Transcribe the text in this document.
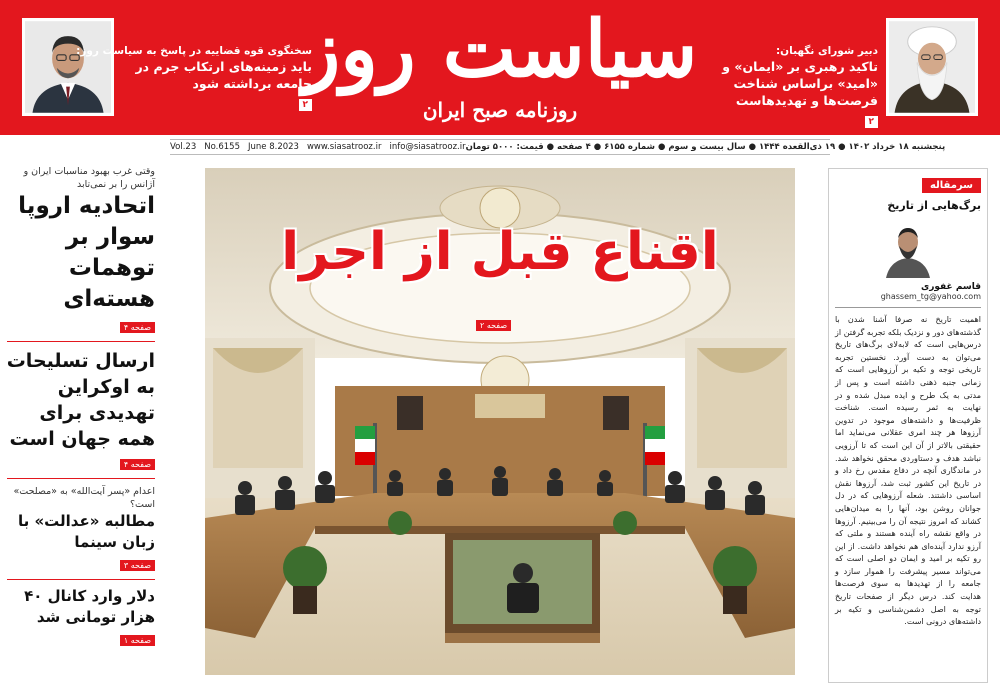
سخنگوی قوه قضاییه در پاسخ به سیاست روز:
باید زمینه‌های ارتکاب جرم در جامعه برداشته شود
۲
سیاست روز
روزنامه صبح ایران
دبیر شورای نگهبان:
تاکید رهبری بر «ایمان» و «امید» براساس شناخت فرصت‌ها و تهدیدهاست
۲
Vol.23 No.6155 June 8.2023 www.siasatrooz.ir info@siasatrooz.ir پنجشنبه ۱۸ خرداد ۱۴۰۲ ● ۱۹ ذی‌القعده ۱۴۴۴ ● سال بیست و سوم ● شماره ۶۱۵۵ ● ۴ صفحه ● قیمت: ۵۰۰۰ تومان
وقتی غرب بهبود مناسبات ایران و آژانس را بر نمی‌تابد
اتحادیه اروپا سوار بر توهمات هسته‌ای
صفحه ۴
ارسال تسلیحات به اوکراین تهدیدی برای همه جهان است
صفحه ۴
اعدام «پسر آیت‌الله» به «مصلحت» است؟
مطالبه «عدالت» با زبان سینما
صفحه ۳
دلار وارد کانال ۴۰ هزار تومانی شد
صفحه ۱
اقناع قبل از اجرا
صفحه ۲
سرمقاله
برگ‌هایی از تاریخ
قاسم غفوری
ghassem_tg@yahoo.com
اهمیت تاریخ نه صرفا آشنا شدن با گذشته‌های دور و نزدیک بلکه تجربه گرفتن از درس‌هایی است که لابه‌لای برگ‌های تاریخ می‌توان به دست آورد. نخستین تجربه تاریخی توجه و تکیه بر آرزوهایی است که زمانی جنبه ذهنی داشته است و پس از مدتی به یک طرح و ایده مبدل شده و در نهایت به ثمر رسیده است. شناخت ظرفیت‌ها و داشته‌های موجود در تدوین آرزوها هر چند امری عقلانی می‌نماید اما حقیقتی بالاتر از آن این است که تا آرزویی نباشد هدف و دستاوردی محقق نخواهد شد. در ماندگاری آنچه در دفاع مقدس رخ داد و در تاریخ این کشور ثبت شد، آرزوها نقش اساسی داشتند. شعله آرزوهایی که در دل جوانان روشن بود، آنها را به میدان‌هایی کشاند که امروز نتیجه آن را می‌بینیم. آرزوها در واقع نقشه راه آینده هستند و ملتی که آرزو ندارد آینده‌ای هم نخواهد داشت. از این رو تکیه بر امید و ایمان دو اصلی است که می‌تواند مسیر پیشرفت را هموار سازد و جامعه را از تهدیدها به سوی فرصت‌ها هدایت کند. درس دیگر از صفحات تاریخ توجه به اصل دشمن‌شناسی و تکیه بر داشته‌های درونی است.
